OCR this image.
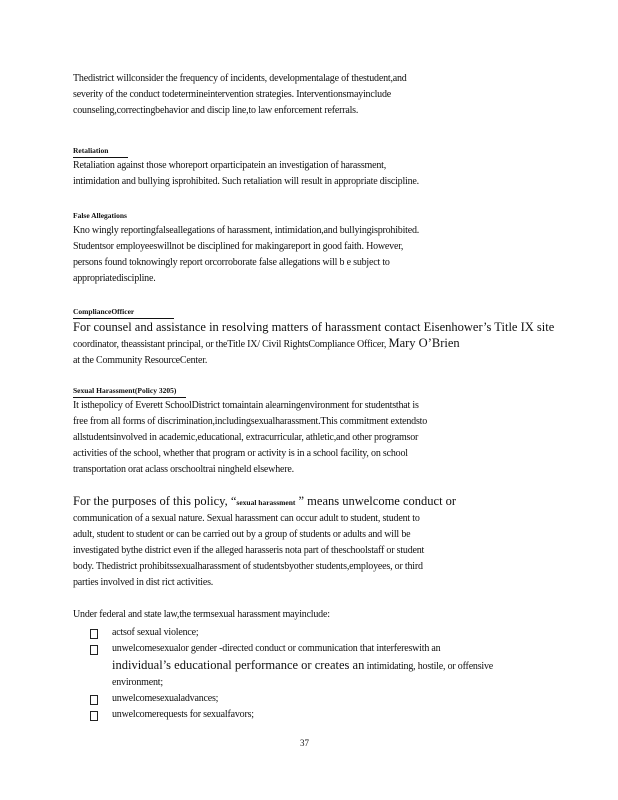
Thedistrict willconsider the frequency of incidents, developmentalage of thestudent,and

severity of the conduct todetermineintervention strategies. Interventionsmayinclude

counseling,correctingbehavior and discip line,to law enforcement referrals.

Retaliation

Retaliation against those whoreport orparticipatein an investigation of harassment,

intimidation and bullying isprohibited. Such retaliation will result in appropriate discipline.

False Allegations

Kno wingly reportingfalseallegations of harassment, intimidation,and bullyingisprohibited.

Studentsor employeeswillnot be disciplined for makingareport in good faith. However,

persons found toknowingly report orcorroborate false allegations will b e subject to

appropriatediscipline.

ComplianceOfficer

For counsel and assistance in resolving matters of harassment contact Eisenhower’s Title IX site

coordinator, theassistant principal, or theTitle IX/ Civil RightsCompliance Officer, Mary O’Brien

at the Community ResourceCenter.

Sexual Harassment(Policy 3205)

It isthepolicy of Everett SchoolDistrict tomaintain alearningenvironment for studentsthat is

free from all forms of discrimination,includingsexualharassment.This commitment extendsto

allstudentsinvolved in academic,educational, extracurricular, athletic,and other programsor

activities of the school, whether that program or activity is in a school facility, on school

transportation orat aclass orschooltrai ningheld elsewhere.

For the purposes of this policy, “sexual harassment ” means unwelcome conduct or

communication of a sexual nature. Sexual harassment can occur adult to student, student to

adult, student to student or can be carried out by a group of students or adults and will be

investigated bythe district even if the alleged harasseris nota part of theschoolstaff or student

body. Thedistrict prohibitssexualharassment of studentsbyother students,employees, or third

parties involved in dist rict activities.

Under federal and state law,the termsexual harassment mayinclude:

actsof sexual violence;
unwelcomesexualor gender -directed conduct or communication that interfereswith an
individual’s educational performance or creates an intimidating, hostile, or offensive
environment;
unwelcomesexualadvances;
unwelcomerequests for sexualfavors;
37
